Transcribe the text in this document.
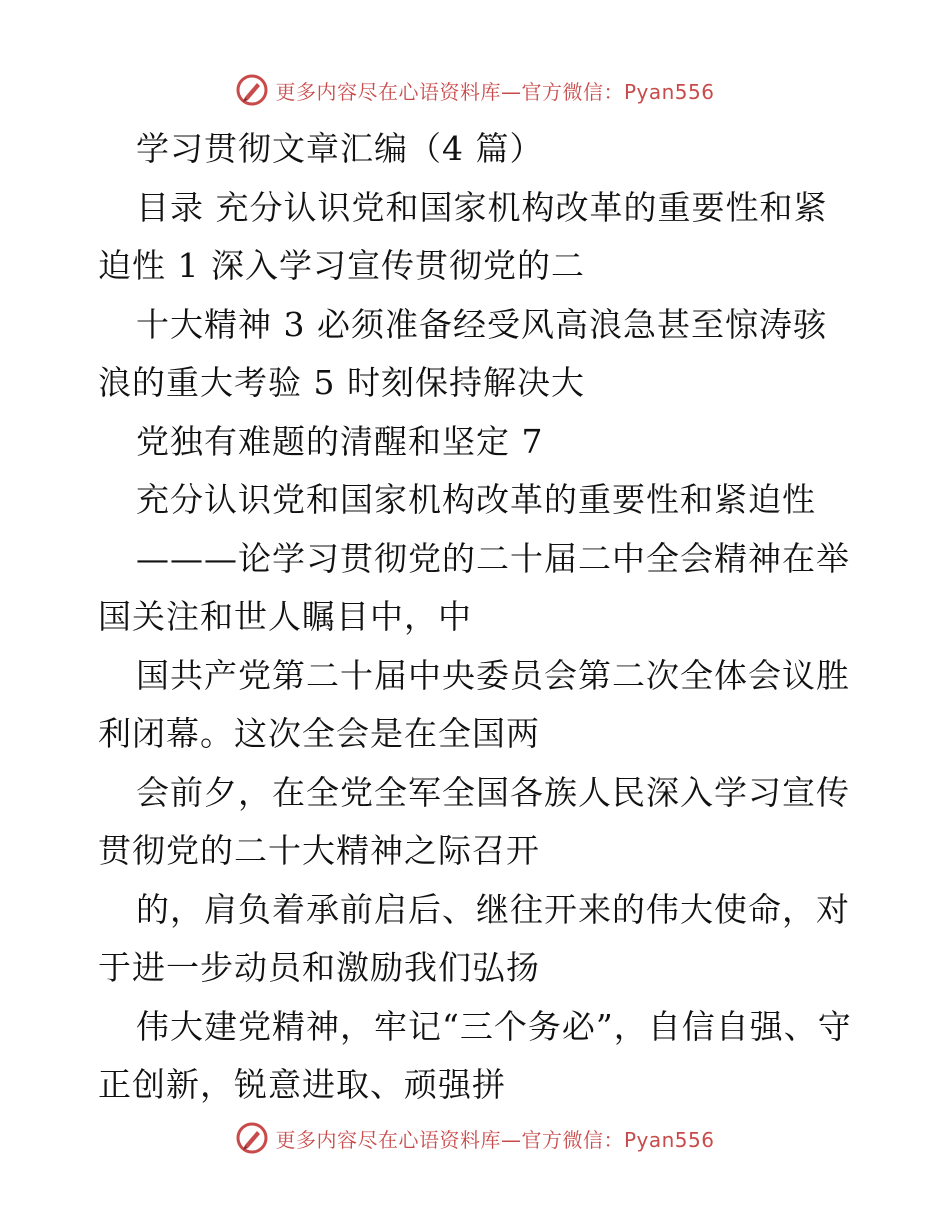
更多内容尽在心语资料库—官方微信：Pyan556

学习贯彻文章汇编（4 篇）

目录 充分认识党和国家机构改革的重要性和紧迫性 1 深入学习宣传贯彻党的二

十大精神 3 必须准备经受风高浪急甚至惊涛骇浪的重大考验 5 时刻保持解决大

党独有难题的清醒和坚定 7

充分认识党和国家机构改革的重要性和紧迫性

———论学习贯彻党的二十届二中全会精神在举国关注和世人瞩目中，中

国共产党第二十届中央委员会第二次全体会议胜利闭幕。这次全会是在全国两

会前夕，在全党全军全国各族人民深入学习宣传贯彻党的二十大精神之际召开

的，肩负着承前启后、继往开来的伟大使命，对于进一步动员和激励我们弘扬

伟大建党精神，牢记“三个务必”，自信自强、守正创新，锐意进取、顽强拼

更多内容尽在心语资料库—官方微信：Pyan556
